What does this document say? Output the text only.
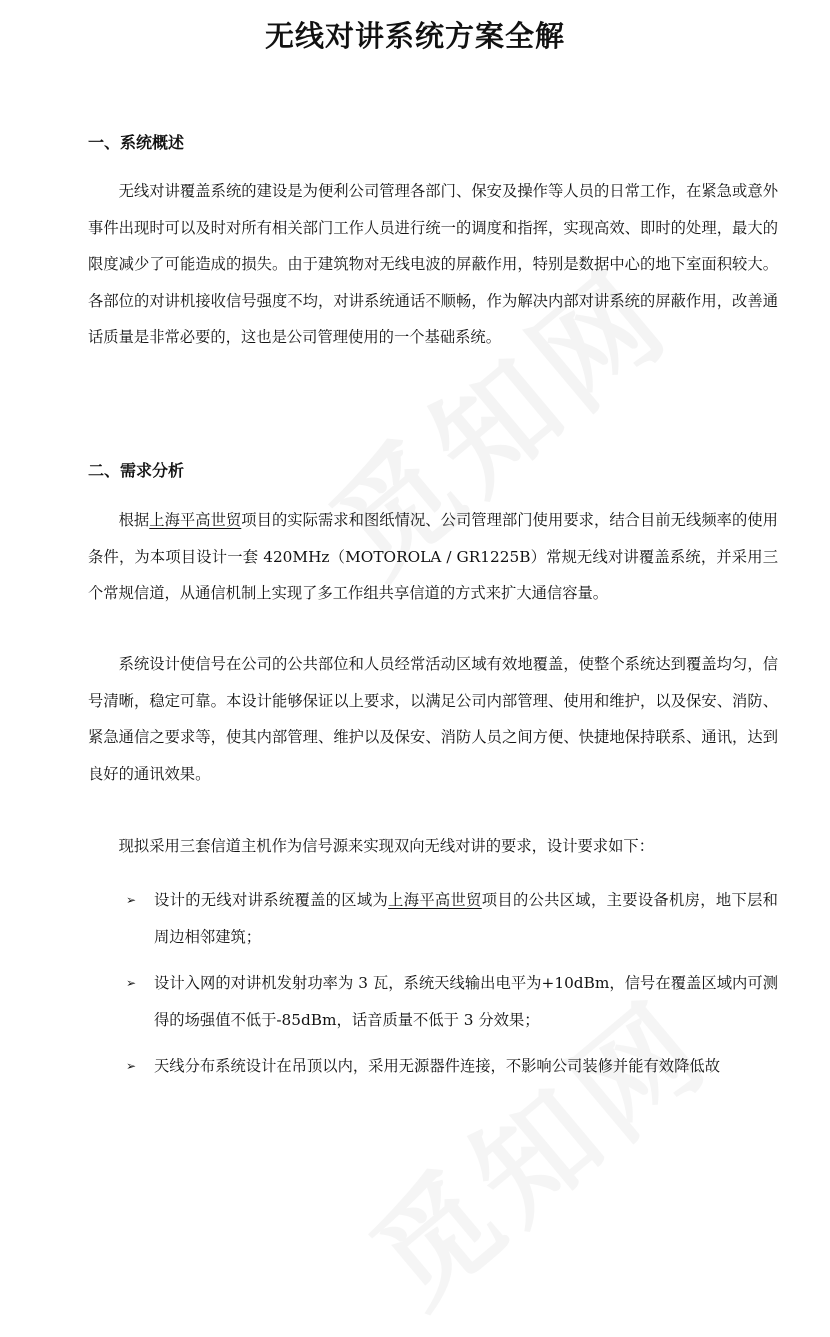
无线对讲系统方案全解
一、系统概述

无线对讲覆盖系统的建设是为便利公司管理各部门、保安及操作等人员的日常工作，在紧急或意外事件出现时可以及时对所有相关部门工作人员进行统一的调度和指挥，实现高效、即时的处理，最大的限度减少了可能造成的损失。由于建筑物对无线电波的屏蔽作用，特别是数据中心的地下室面积较大。各部位的对讲机接收信号强度不均，对讲系统通话不顺畅，作为解决内部对讲系统的屏蔽作用，改善通话质量是非常必要的，这也是公司管理使用的一个基础系统。

二、需求分析

根据上海平高世贸项目的实际需求和图纸情况、公司管理部门使用要求，结合目前无线频率的使用条件，为本项目设计一套 420MHz（MOTOROLA / GR1225B）常规无线对讲覆盖系统，并采用三个常规信道，从通信机制上实现了多工作组共享信道的方式来扩大通信容量。

系统设计使信号在公司的公共部位和人员经常活动区域有效地覆盖，使整个系统达到覆盖均匀，信号清晰，稳定可靠。本设计能够保证以上要求，以满足公司内部管理、使用和维护，以及保安、消防、紧急通信之要求等，使其内部管理、维护以及保安、消防人员之间方便、快捷地保持联系、通讯，达到良好的通讯效果。

现拟采用三套信道主机作为信号源来实现双向无线对讲的要求，设计要求如下：

➢ 设计的无线对讲系统覆盖的区域为上海平高世贸项目的公共区域，主要设备机房，地下层和周边相邻建筑；
➢ 设计入网的对讲机发射功率为 3 瓦，系统天线输出电平为+10dBm，信号在覆盖区域内可测得的场强值不低于-85dBm，话音质量不低于 3 分效果；
➢ 天线分布系统设计在吊顶以内，采用无源器件连接，不影响公司装修并能有效降低故
